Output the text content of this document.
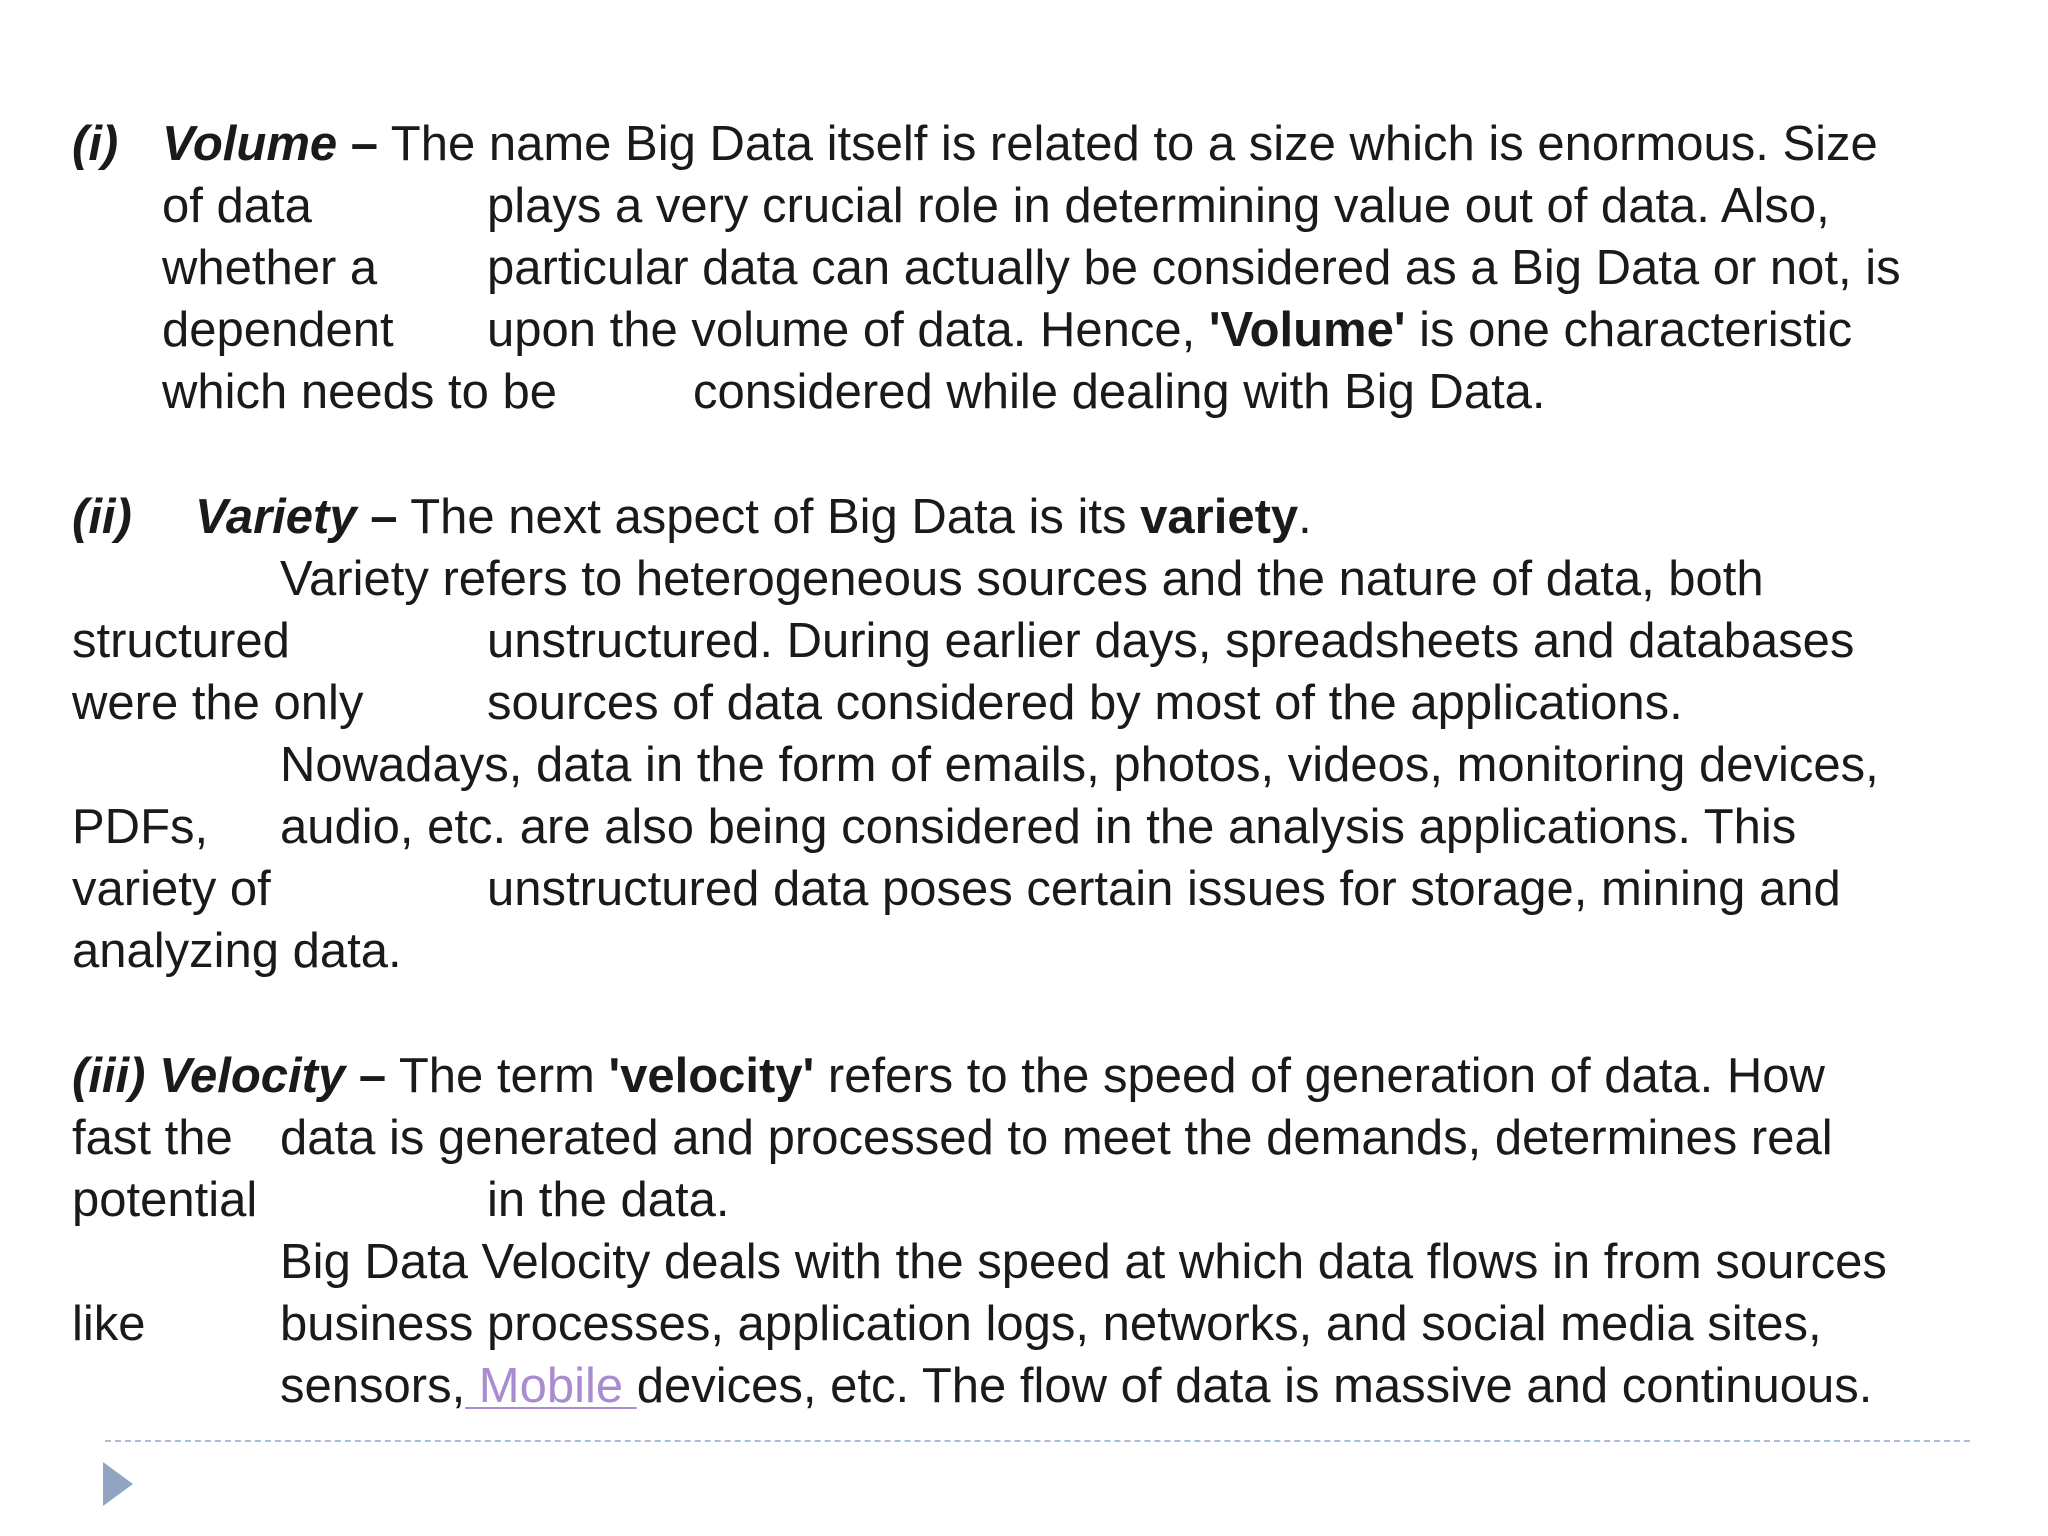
(i) Volume – The name Big Data itself is related to a size which is enormous. Size
of data	plays a very crucial role in determining value out of data. Also,
whether a particular data can actually be considered as a Big Data or not, is
dependent upon the volume of data. Hence, 'Volume' is one characteristic
which needs to be	considered while dealing with Big Data.
(ii) Variety – The next aspect of Big Data is its variety.
Variety refers to heterogeneous sources and the nature of data, both
structured	unstructured. During earlier days, spreadsheets and databases
were the only	sources of data considered by most of the applications.
Nowadays, data in the form of emails, photos, videos, monitoring devices,
PDFs, audio, etc. are also being considered in the analysis applications. This
variety of	unstructured data poses certain issues for storage, mining and
analyzing data.
(iii) Velocity – The term 'velocity' refers to the speed of generation of data. How
fast the data is generated and processed to meet the demands, determines real
potential	in the data.
Big Data Velocity deals with the speed at which data flows in from sources
like	business processes, application logs, networks, and social media sites,
sensors, Mobile devices, etc. The flow of data is massive and continuous.
